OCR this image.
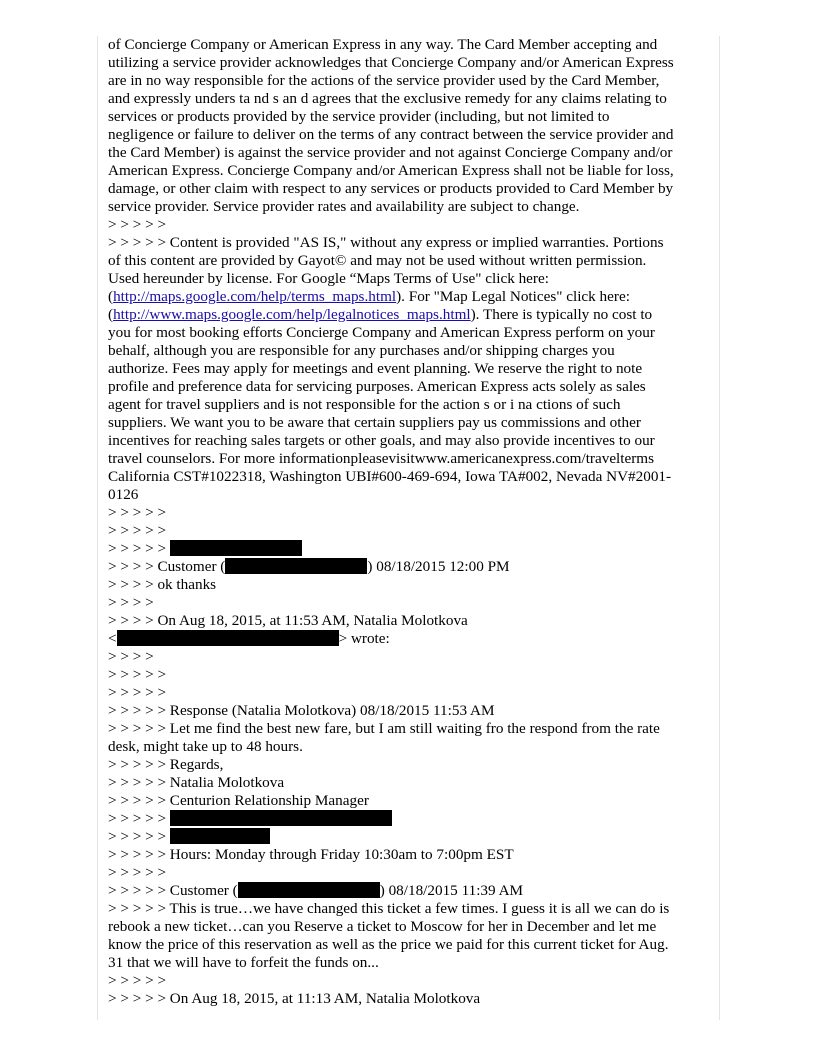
of Concierge Company or American Express in any way. The Card Member accepting and
utilizing a service provider acknowledges that Concierge Company and/or American Express
are in no way responsible for the actions of the service provider used by the Card Member,
and expressly unders ta nd s an d agrees that the exclusive remedy for any claims relating to
services or products provided by the service provider (including, but not limited to
negligence or failure to deliver on the terms of any contract between the service provider and
the Card Member) is against the service provider and not against Concierge Company and/or
American Express. Concierge Company and/or American Express shall not be liable for loss,
damage, or other claim with respect to any services or products provided to Card Member by
service provider. Service provider rates and availability are subject to change.
> > > > >
> > > > > Content is provided "AS IS," without any express or implied warranties. Portions
of this content are provided by Gayot© and may not be used without written permission.
Used hereunder by license. For Google “Maps Terms of Use" click here:
(http://maps.google.com/help/terms_maps.html). For "Map Legal Notices" click here:
(http://www.maps.google.com/help/legalnotices_maps.html). There is typically no cost to
you for most booking efforts Concierge Company and American Express perform on your
behalf, although you are responsible for any purchases and/or shipping charges you
authorize. Fees may apply for meetings and event planning. We reserve the right to note
profile and preference data for servicing purposes. American Express acts solely as sales
agent for travel suppliers and is not responsible for the action s or i na ctions of such
suppliers. We want you to be aware that certain suppliers pay us commissions and other
incentives for reaching sales targets or other goals, and may also provide incentives to our
travel counselors. For more informationpleasevisitwww.americanexpress.com/travelterms
California CST#1022318, Washington UBI#600-469-694, Iowa TA#002, Nevada NV#2001-
0126
> > > > >
> > > > >
> > > > >
> > > > Customer (	) 08/18/2015 12:00 PM
> > > > ok thanks
> > > >
> > > > On Aug 18, 2015, at 11:53 AM, Natalia Molotkova
<	> wrote:
> > > >
> > > > >
> > > > >
> > > > > Response (Natalia Molotkova) 08/18/2015 11:53 AM
> > > > > Let me find the best new fare, but I am still waiting fro the respond from the rate
desk, might take up to 48 hours.
> > > > > Regards,
> > > > > Natalia Molotkova
> > > > > Centurion Relationship Manager
> > > > >
> > > > >
> > > > > Hours: Monday through Friday 10:30am to 7:00pm EST
> > > > >
> > > > > Customer (	) 08/18/2015 11:39 AM
> > > > > This is true…we have changed this ticket a few times. I guess it is all we can do is
rebook a new ticket…can you Reserve a ticket to Moscow for her in December and let me
know the price of this reservation as well as the price we paid for this current ticket for Aug.
31 that we will have to forfeit the funds on...
> > > > >
> > > > > On Aug 18, 2015, at 11:13 AM, Natalia Molotkova
